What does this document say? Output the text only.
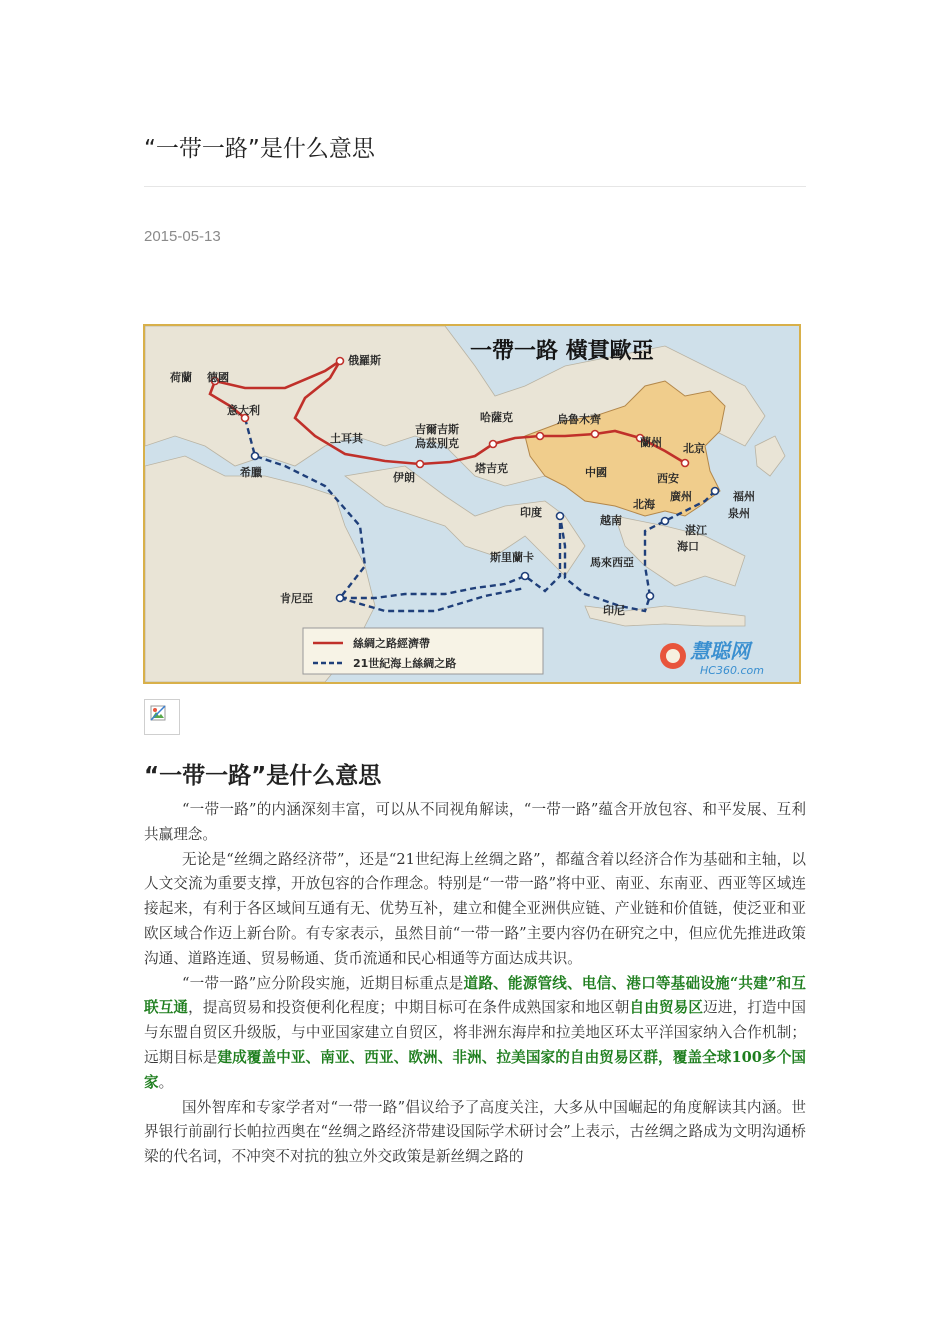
“一带一路”是什么意思
2015-05-13
一帶一路 橫貫歐亞
荷蘭 德國
俄羅斯
意大利
希臘
土耳其
吉爾吉斯
烏茲別克
哈薩克
塔吉克
烏魯木齊
蘭州 北京
西安
中國
伊朗
廣州
北海
福州
泉州
湛江
海口
越南
印度
斯里蘭卡	馬來西亞
印尼
肯尼亞
絲綢之路經濟帶
21世紀海上絲綢之路
慧聪网
HC360.com
“一带一路”是什么意思

“一带一路”的内涵深刻丰富，可以从不同视角解读，“一带一路”蕴含开放包容、和平发展、互利共赢理念。

无论是“丝绸之路经济带”，还是“21世纪海上丝绸之路”，都蕴含着以经济合作为基础和主轴，以人文交流为重要支撑，开放包容的合作理念。特别是“一带一路”将中亚、南亚、东南亚、西亚等区域连接起来，有利于各区域间互通有无、优势互补，建立和健全亚洲供应链、产业链和价值链，使泛亚和亚欧区域合作迈上新台阶。有专家表示，虽然目前“一带一路”主要内容仍在研究之中，但应优先推进政策沟通、道路连通、贸易畅通、货币流通和民心相通等方面达成共识。

“一带一路”应分阶段实施，近期目标重点是道路、能源管线、电信、港口等基础设施“共建”和互联互通，提高贸易和投资便利化程度；中期目标可在条件成熟国家和地区朝自由贸易区迈进，打造中国与东盟自贸区升级版，与中亚国家建立自贸区，将非洲东海岸和拉美地区环太平洋国家纳入合作机制；远期目标是建成覆盖中亚、南亚、西亚、欧洲、非洲、拉美国家的自由贸易区群，覆盖全球100多个国家。

国外智库和专家学者对“一带一路”倡议给予了高度关注，大多从中国崛起的角度解读其内涵。世界银行前副行长帕拉西奥在“丝绸之路经济带建设国际学术研讨会”上表示，古丝绸之路成为文明沟通桥梁的代名词，不冲突不对抗的独立外交政策是新丝绸之路的
